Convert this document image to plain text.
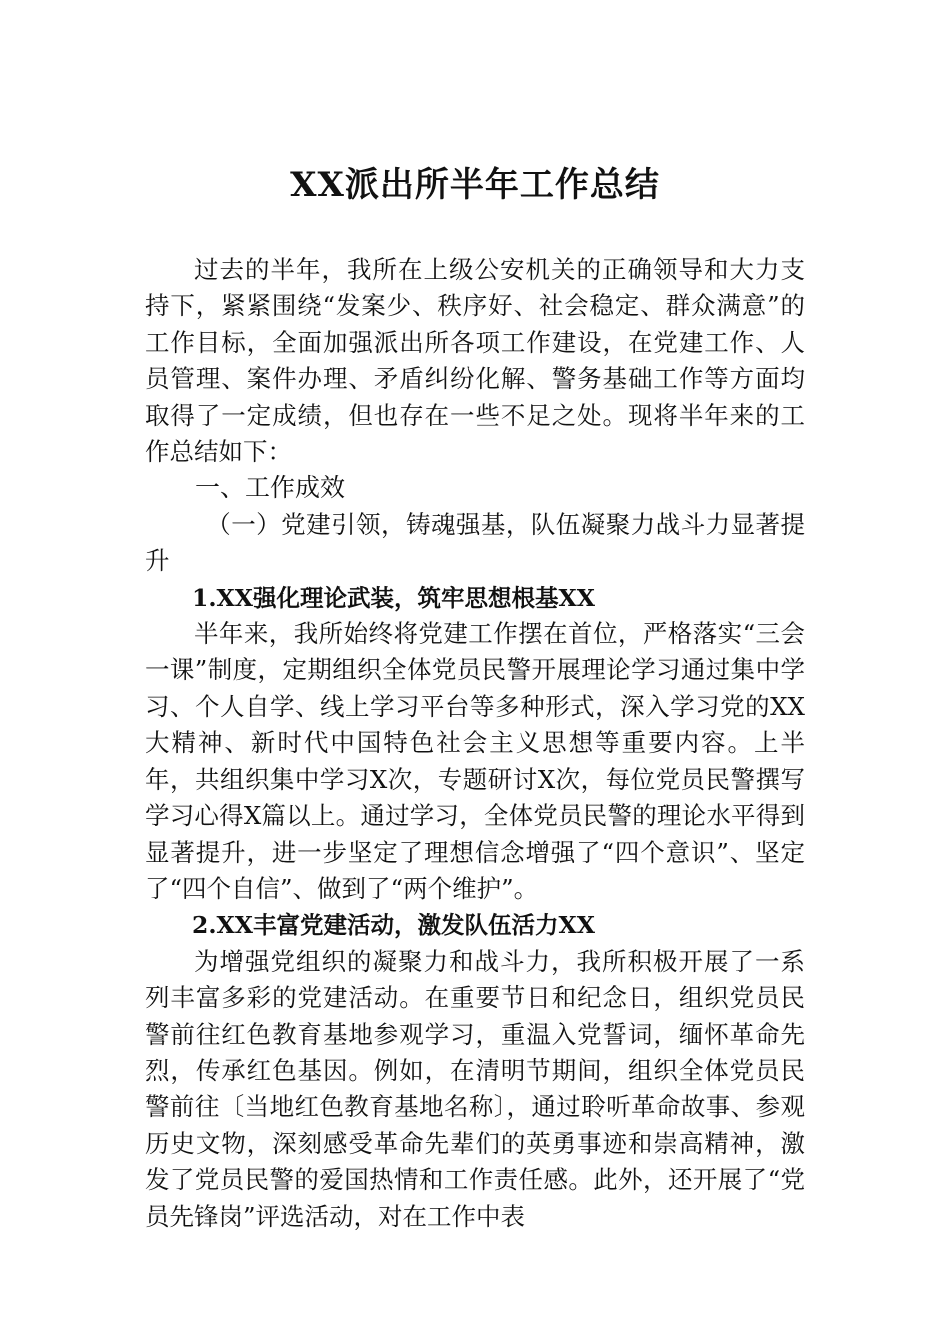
XX派出所半年工作总结

过去的半年，我所在上级公安机关的正确领导和大力支持下，紧紧围绕“发案少、秩序好、社会稳定、群众满意”的工作目标，全面加强派出所各项工作建设，在党建工作、人员管理、案件办理、矛盾纠纷化解、警务基础工作等方面均取得了一定成绩，但也存在一些不足之处。现将半年来的工作总结如下：

一、工作成效

（一）党建引领，铸魂强基，队伍凝聚力战斗力显著提升

1.XX强化理论武装，筑牢思想根基XX

半年来，我所始终将党建工作摆在首位，严格落实“三会一课”制度，定期组织全体党员民警开展理论学习通过集中学习、个人自学、线上学习平台等多种形式，深入学习党的XX大精神、新时代中国特色社会主义思想等重要内容。上半年，共组织集中学习X次，专题研讨X次，每位党员民警撰写学习心得X篇以上。通过学习，全体党员民警的理论水平得到显著提升，进一步坚定了理想信念增强了“四个意识”、坚定了“四个自信”、做到了“两个维护”。

2.XX丰富党建活动，激发队伍活力XX

为增强党组织的凝聚力和战斗力，我所积极开展了一系列丰富多彩的党建活动。在重要节日和纪念日，组织党员民警前往红色教育基地参观学习，重温入党誓词，缅怀革命先烈，传承红色基因。例如，在清明节期间，组织全体党员民警前往〔当地红色教育基地名称〕，通过聆听革命故事、参观历史文物，深刻感受革命先辈们的英勇事迹和崇高精神，激发了党员民警的爱国热情和工作责任感。此外，还开展了“党员先锋岗”评选活动，对在工作中表
